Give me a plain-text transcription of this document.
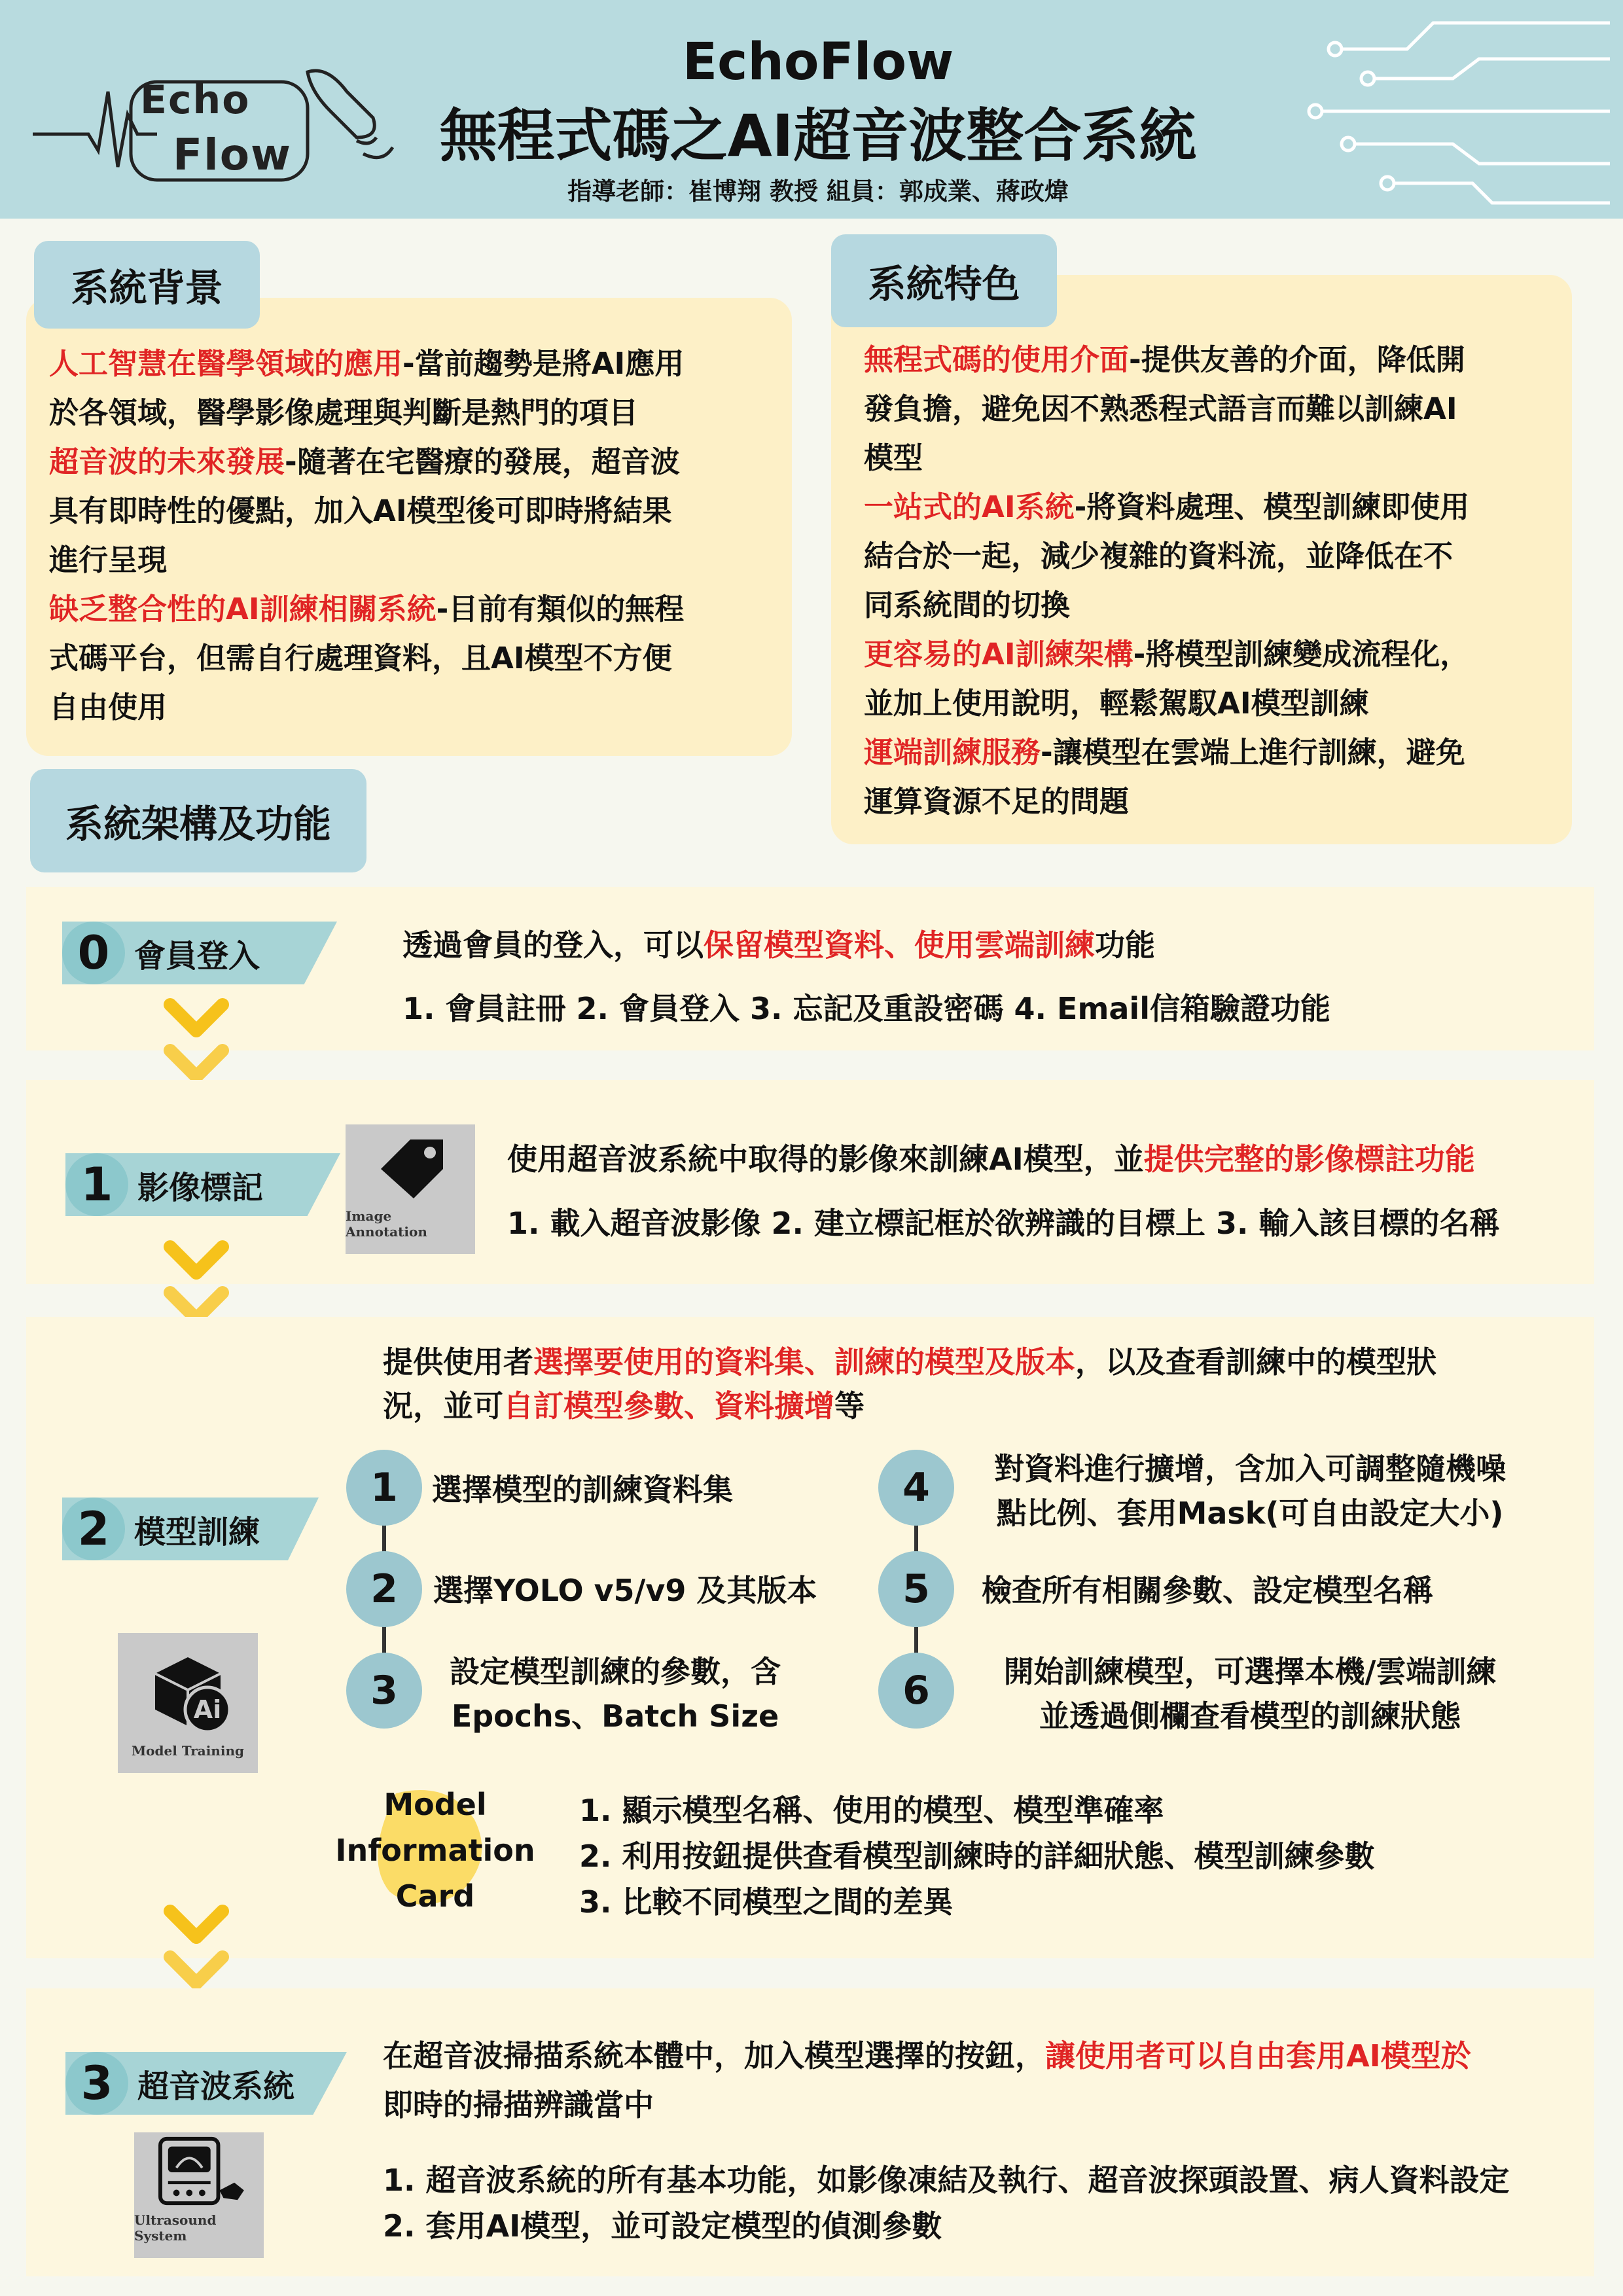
Echo
Flow
EchoFlow
無程式碼之AI超音波整合系統
指導老師：崔博翔 教授 組員：郭成業、蔣政煒
系統背景
人工智慧在醫學領域的應用-當前趨勢是將AI應用
於各領域，醫學影像處理與判斷是熱門的項目
超音波的未來發展-隨著在宅醫療的發展，超音波
具有即時性的優點，加入AI模型後可即時將結果
進行呈現
缺乏整合性的AI訓練相關系統-目前有類似的無程
式碼平台，但需自行處理資料，且AI模型不方便
自由使用
系統特色
無程式碼的使用介面-提供友善的介面，降低開
發負擔，避免因不熟悉程式語言而難以訓練AI
模型
一站式的AI系統-將資料處理、模型訓練即使用
結合於一起，減少複雜的資料流，並降低在不
同系統間的切換
更容易的AI訓練架構-將模型訓練變成流程化，
並加上使用說明，輕鬆駕馭AI模型訓練
運端訓練服務-讓模型在雲端上進行訓練，避免
運算資源不足的問題
系統架構及功能
0 會員登入	透過會員的登入，可以保留模型資料、使用雲端訓練功能
1. 會員註冊 2. 會員登入 3. 忘記及重設密碼 4. Email信箱驗證功能
1 影像標記
Image Annotation
使用超音波系統中取得的影像來訓練AI模型，並提供完整的影像標註功能
1. 載入超音波影像 2. 建立標記框於欲辨識的目標上 3. 輸入該目標的名稱
提供使用者選擇要使用的資料集、訓練的模型及版本，以及查看訓練中的模型狀
況，並可自訂模型參數、資料擴增等
2 模型訓練
Ai
Model Training
1	選擇模型的訓練資料集
2	選擇YOLO v5/v9 及其版本
3	設定模型訓練的參數，含
Epochs、Batch Size
4	對資料進行擴增，含加入可調整隨機噪
點比例、套用Mask(可自由設定大小)
5	檢查所有相關參數、設定模型名稱
6	開始訓練模型，可選擇本機/雲端訓練
並透過側欄查看模型的訓練狀態
Model
Information
Card
1. 顯示模型名稱、使用的模型、模型準確率
2. 利用按鈕提供查看模型訓練時的詳細狀態、模型訓練參數
3. 比較不同模型之間的差異
3 超音波系統
Ultrasound System
在超音波掃描系統本體中，加入模型選擇的按鈕，讓使用者可以自由套用AI模型於
即時的掃描辨識當中
1. 超音波系統的所有基本功能，如影像凍結及執行、超音波探頭設置、病人資料設定
2. 套用AI模型，並可設定模型的偵測參數
